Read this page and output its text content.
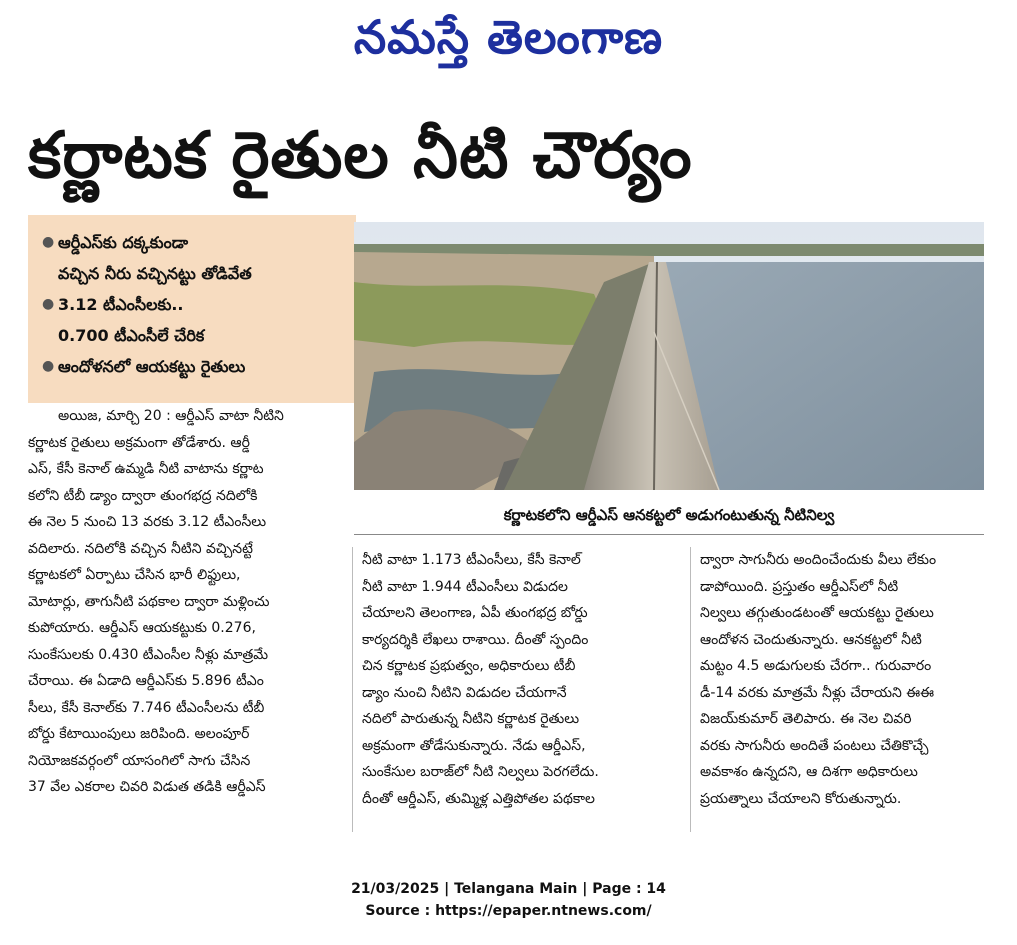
నమస్తే తెలంగాణ
కర్ణాటక రైతుల నీటి చౌర్యం
● ఆర్డీఎస్‌కు దక్కకుండా
వచ్చిన నీరు వచ్చినట్టు తోడివేత
● 3.12 టీఎంసీలకు..
0.700 టీఎంసీలే చేరిక
● ఆందోళనలో ఆయకట్టు రైతులు
కర్ణాటకలోని ఆర్డీఎస్ ఆనకట్టలో అడుగంటుతున్న నీటినిల్వ
అయిజ, మార్చి 20 : ఆర్డీఎస్ వాటా నీటిని
కర్ణాటక రైతులు అక్రమంగా తోడేశారు. ఆర్డీ
ఎస్, కేసీ కెనాల్ ఉమ్మడి నీటి వాటాను కర్ణాట
కలోని టీబీ డ్యాం ద్వారా తుంగభద్ర నదిలోకి
ఈ నెల 5 నుంచి 13 వరకు 3.12 టీఎంసీలు
వదిలారు. నదిలోకి వచ్చిన నీటిని వచ్చినట్టే
కర్ణాటకలో ఏర్పాటు చేసిన భారీ లిఫ్టులు,
మోటార్లు, తాగునీటి పథకాల ద్వారా మళ్లించు
కుపోయారు. ఆర్డీఎస్ ఆయకట్టుకు 0.276,
సుంకేసులకు 0.430 టీఎంసీల నీళ్లు మాత్రమే
చేరాయి. ఈ ఏడాది ఆర్డీఎస్‌కు 5.896 టీఎం
సీలు, కేసీ కెనాల్‌కు 7.746 టీఎంసీలను టీబీ
బోర్డు కేటాయింపులు జరిపింది. అలంపూర్
నియోజకవర్గంలో యాసంగిలో సాగు చేసిన
37 వేల ఎకరాల చివరి విడుత తడికి ఆర్డీఎస్
నీటి వాటా 1.173 టీఎంసీలు, కేసీ కెనాల్
నీటి వాటా 1.944 టీఎంసీలు విడుదల
చేయాలని తెలంగాణ, ఏపీ తుంగభద్ర బోర్డు
కార్యదర్శికి లేఖలు రాశాయి. దీంతో స్పందిం
చిన కర్ణాటక ప్రభుత్వం, అధికారులు టీబీ
డ్యాం నుంచి నీటిని విడుదల చేయగానే
నదిలో పారుతున్న నీటిని కర్ణాటక రైతులు
అక్రమంగా తోడేసుకున్నారు. నేడు ఆర్డీఎస్,
సుంకేసుల బరాజ్‌లో నీటి నిల్వలు పెరగలేదు.
దీంతో ఆర్డీఎస్, తుమ్మిళ్ల ఎత్తిపోతల పథకాల
ద్వారా సాగునీరు అందించేందుకు వీలు లేకుం
డాపోయింది. ప్రస్తుతం ఆర్డీఎస్‌లో నీటి
నిల్వలు తగ్గుతుండటంతో ఆయకట్టు రైతులు
ఆందోళన చెందుతున్నారు. ఆనకట్టలో నీటి
మట్టం 4.5 అడుగులకు చేరగా.. గురువారం
డీ-14 వరకు మాత్రమే నీళ్లు చేరాయని ఈఈ
విజయ్‌కుమార్ తెలిపారు. ఈ నెల చివరి
వరకు సాగునీరు అందితే పంటలు చేతికొచ్చే
అవకాశం ఉన్నదని, ఆ దిశగా అధికారులు
ప్రయత్నాలు చేయాలని కోరుతున్నారు.
21/03/2025 | Telangana Main | Page : 14
Source : https://epaper.ntnews.com/
